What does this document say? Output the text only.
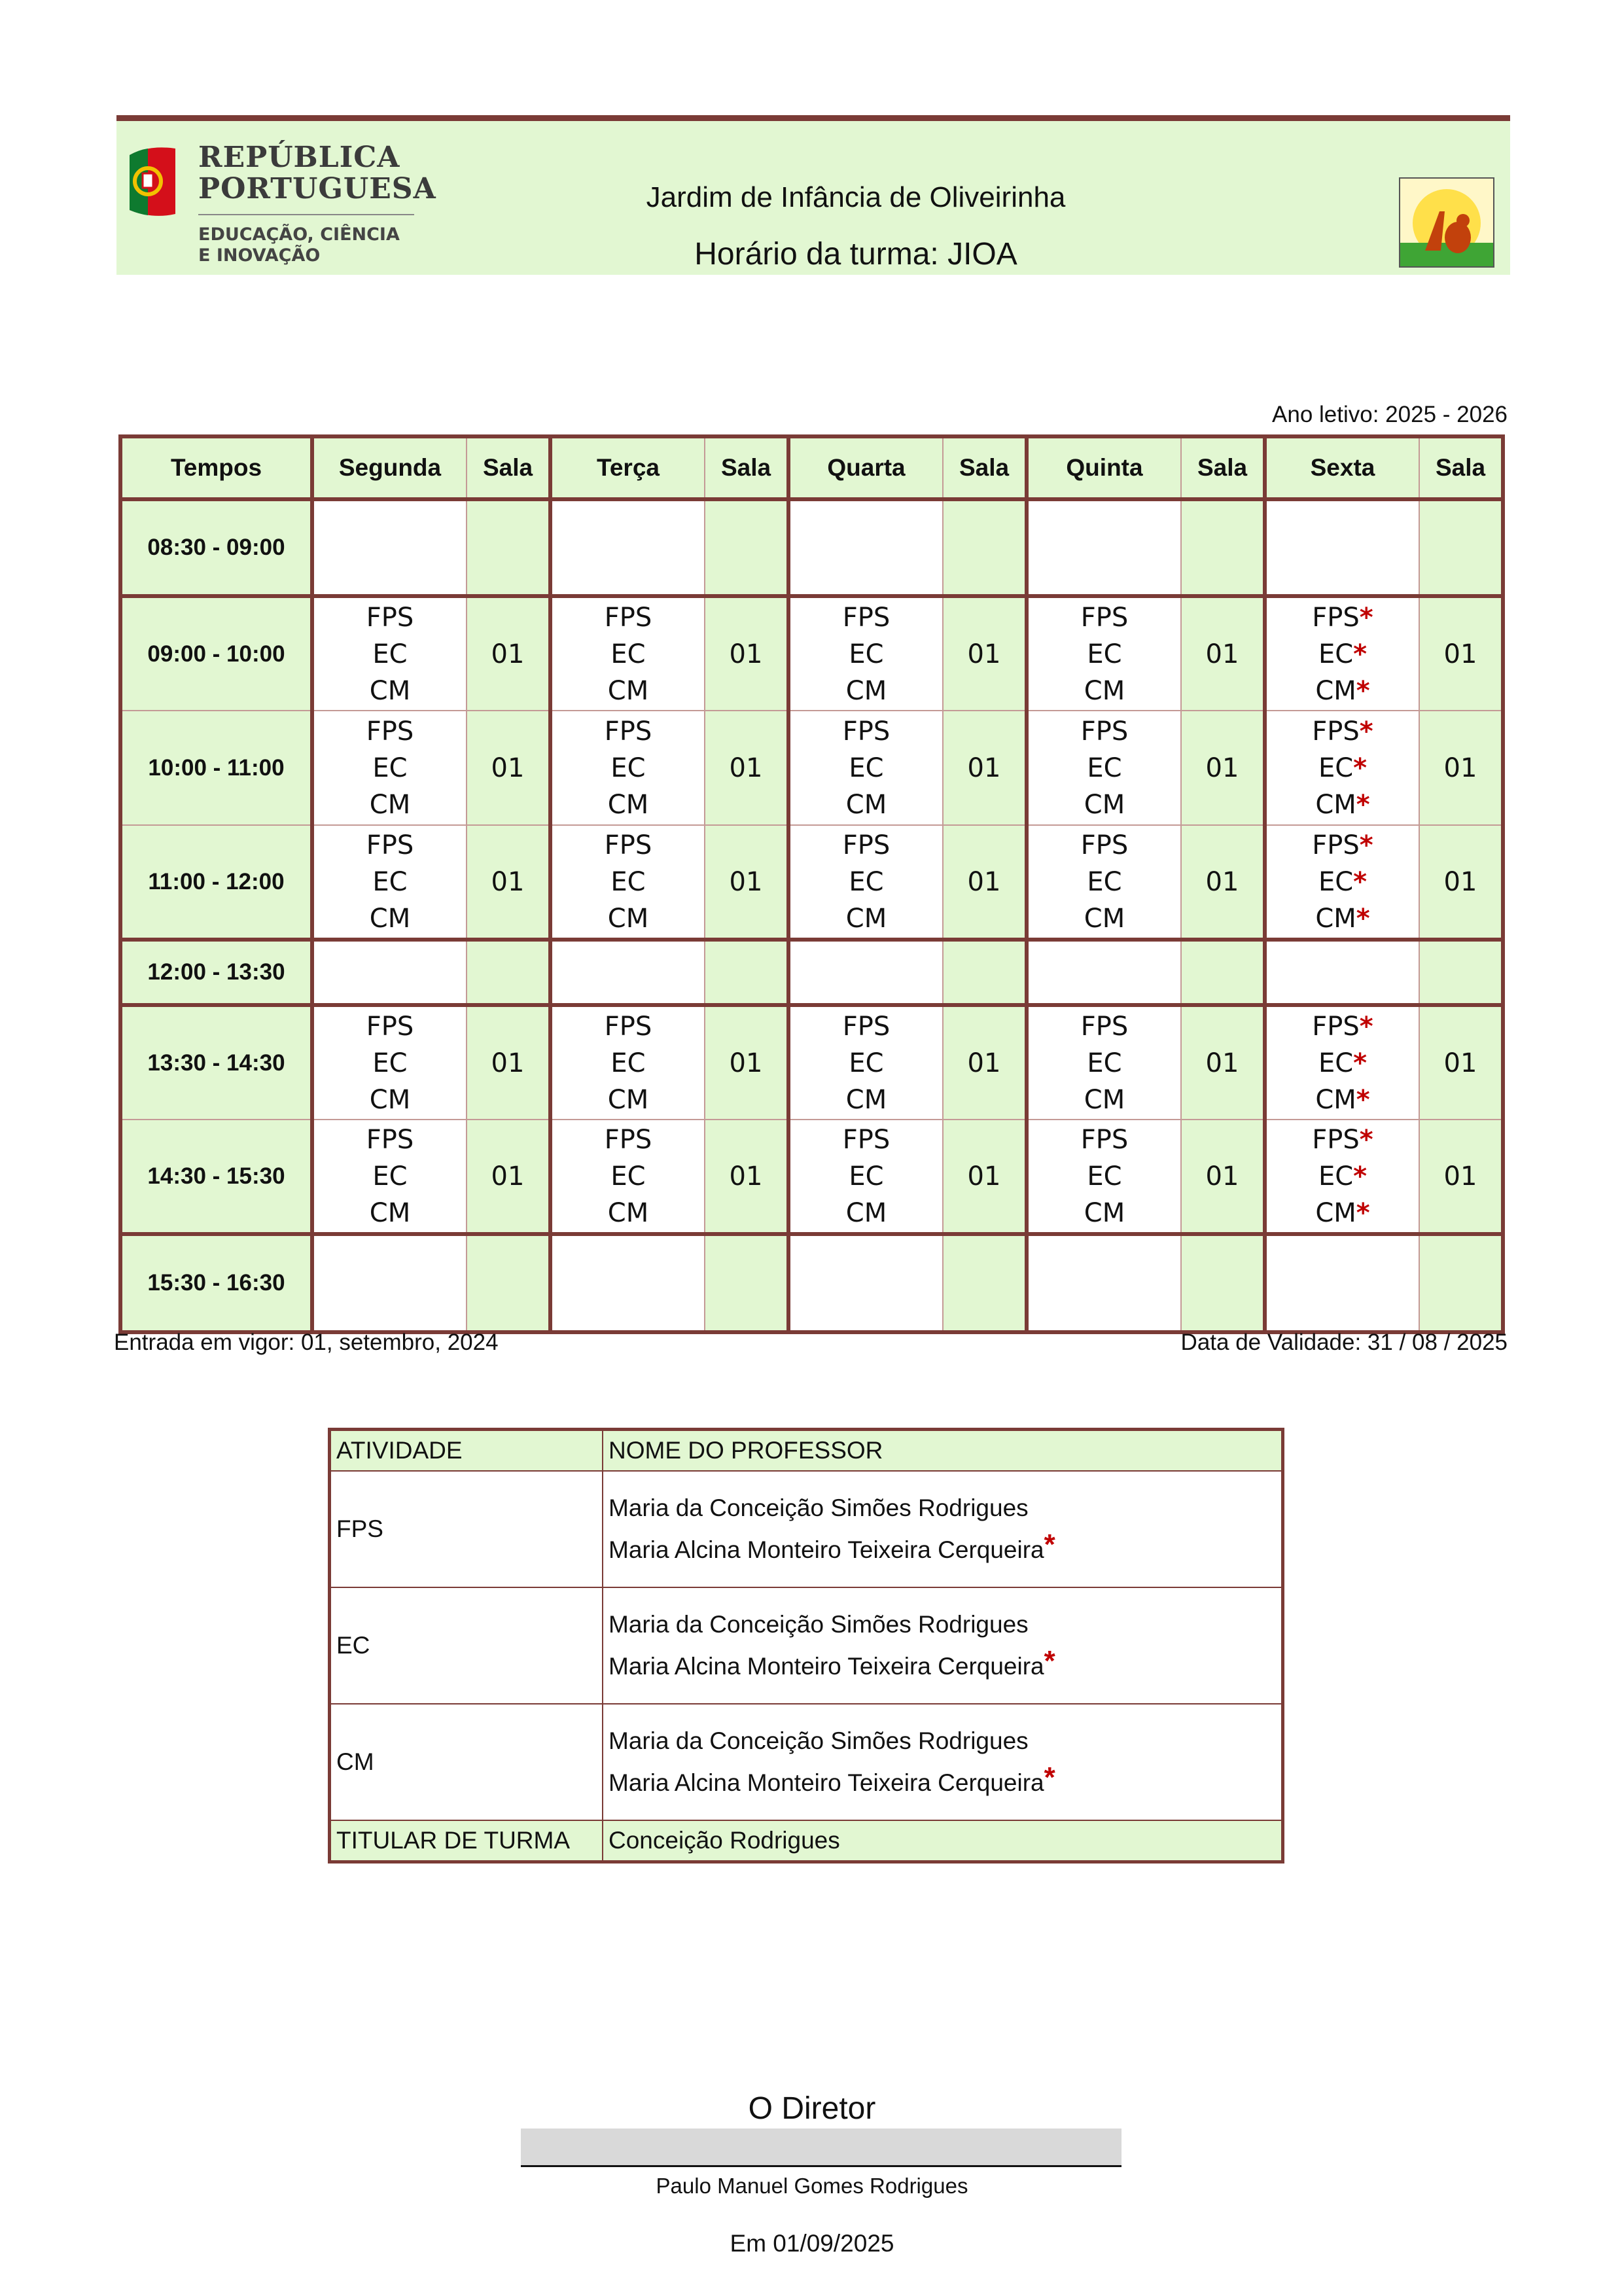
REPÚBLICA
PORTUGUESA
EDUCAÇÃO, CIÊNCIA
E INOVAÇÃO
Jardim de Infância de Oliveirinha
Horário da turma: JIOA
Ano letivo: 2025 - 2026
Tempos	Segunda	Sala	Terça	Sala	Quarta	Sala	Quinta	Sala	Sexta	Sala
08:30 - 09:00										
09:00 - 10:00	FPS
EC
CM	01	FPS
EC
CM	01	FPS
EC
CM	01	FPS
EC
CM	01	FPS*
EC*
CM*	01
10:00 - 11:00	FPS
EC
CM	01	FPS
EC
CM	01	FPS
EC
CM	01	FPS
EC
CM	01	FPS*
EC*
CM*	01
11:00 - 12:00	FPS
EC
CM	01	FPS
EC
CM	01	FPS
EC
CM	01	FPS
EC
CM	01	FPS*
EC*
CM*	01
12:00 - 13:30										
13:30 - 14:30	FPS
EC
CM	01	FPS
EC
CM	01	FPS
EC
CM	01	FPS
EC
CM	01	FPS*
EC*
CM*	01
14:30 - 15:30	FPS
EC
CM	01	FPS
EC
CM	01	FPS
EC
CM	01	FPS
EC
CM	01	FPS*
EC*
CM*	01
15:30 - 16:30										
Entrada em vigor: 01, setembro, 2024	Data de Validade: 31 / 08 / 2025
ATIVIDADE	NOME DO PROFESSOR
FPS	Maria da Conceição Simões Rodrigues
Maria Alcina Monteiro Teixeira Cerqueira*

EC	Maria da Conceição Simões Rodrigues
Maria Alcina Monteiro Teixeira Cerqueira*

CM	Maria da Conceição Simões Rodrigues
Maria Alcina Monteiro Teixeira Cerqueira*

TITULAR DE TURMA	Conceição Rodrigues
O Diretor
Paulo Manuel Gomes Rodrigues
Em 01/09/2025
